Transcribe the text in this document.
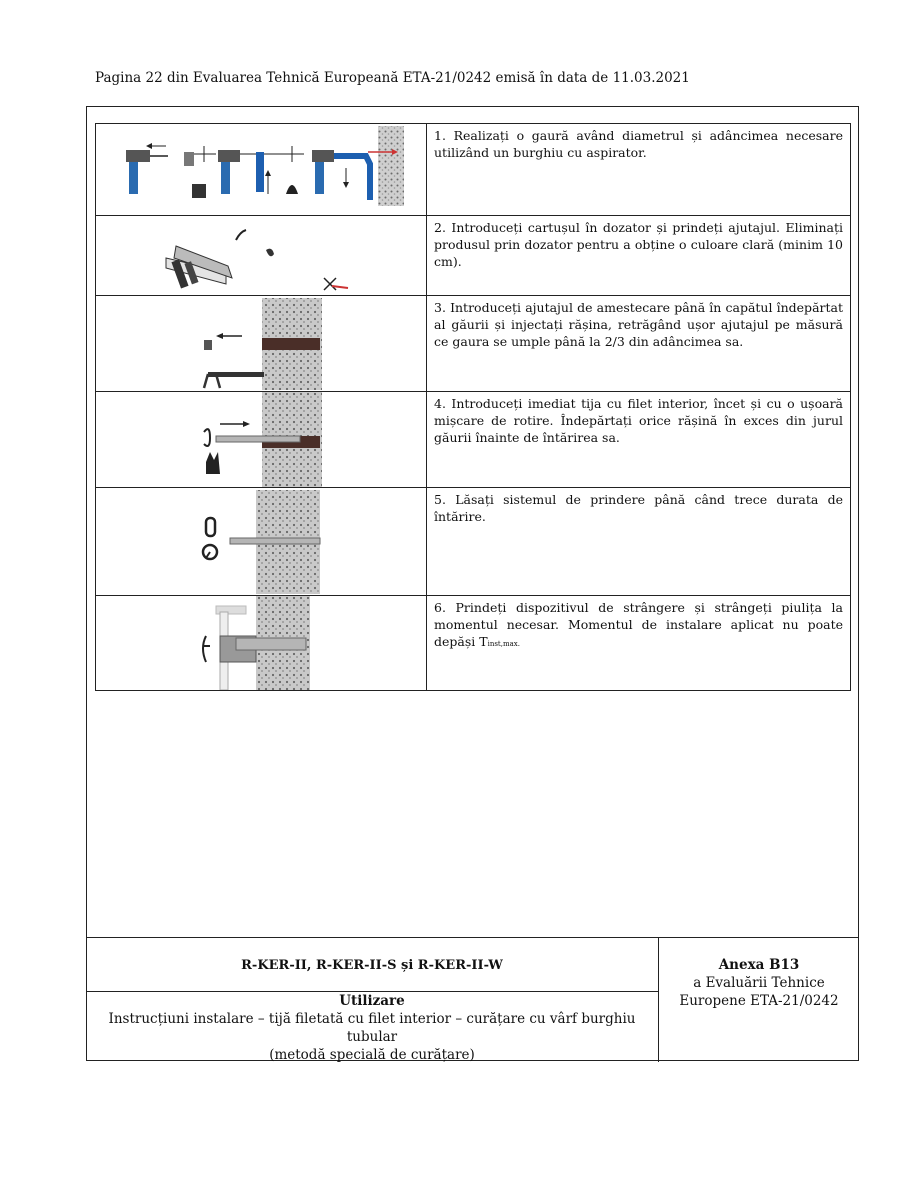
Pagina 22 din Evaluarea Tehnică Europeană ETA-21/0242 emisă în data de 11.03.2021
	1. Realizați o gaură având diametrul și adâncimea necesare utilizând un burghiu cu aspirator.

	2. Introduceți cartușul în dozator și prindeți ajutajul. Eliminați produsul prin dozator pentru a obține o culoare clară (minim 10 cm).

	3. Introduceți ajutajul de amestecare până în capătul îndepărtat al găurii și injectați rășina, retrăgând ușor ajutajul pe măsură ce gaura se umple până la 2/3 din adâncimea sa.

	4. Introduceți imediat tija cu filet interior, încet și cu o ușoară mișcare de rotire. Îndepărtați orice rășină în exces din jurul găurii înainte de întărirea sa.

	5. Lăsați sistemul de prindere până când trece durata de întărire.

	6. Prindeți dispozitivul de strângere și strângeți piulița la momentul necesar. Momentul de instalare aplicat nu poate depăși Tinst,max.
R-KER-II, R-KER-II-S și R-KER-II-W
Utilizare
Instrucțiuni instalare – tijă filetată cu filet interior – curățare cu vârf burghiu tubular
(metodă specială de curățare)
Anexa B13
a Evaluării Tehnice
Europene ETA-21/0242
